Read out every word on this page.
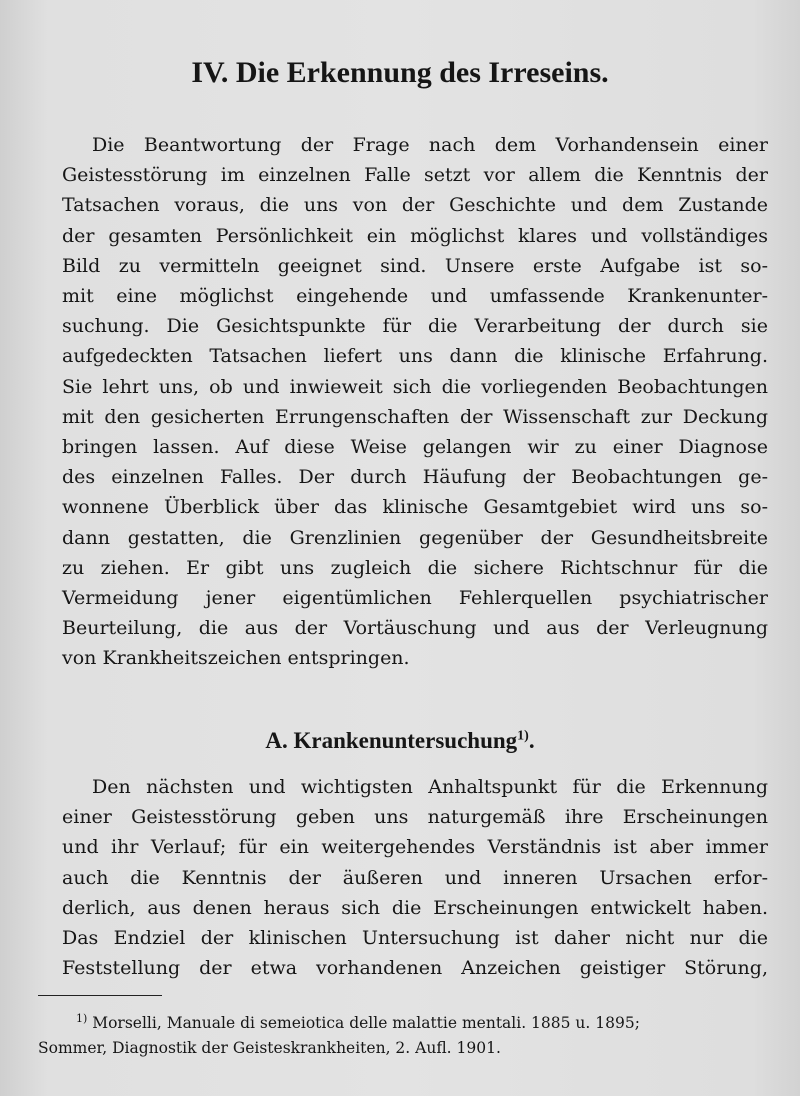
IV. Die Erkennung des Irreseins.
Die Beantwortung der Frage nach dem Vorhandensein einer
Geistesstörung im einzelnen Falle setzt vor allem die Kenntnis der
Tatsachen voraus, die uns von der Geschichte und dem Zustande
der gesamten Persönlichkeit ein möglichst klares und vollständiges
Bild zu vermitteln geeignet sind. Unsere erste Aufgabe ist so-
mit eine möglichst eingehende und umfassende Krankenunter-
suchung. Die Gesichtspunkte für die Verarbeitung der durch sie
aufgedeckten Tatsachen liefert uns dann die klinische Erfahrung.
Sie lehrt uns, ob und inwieweit sich die vorliegenden Beobachtungen
mit den gesicherten Errungenschaften der Wissenschaft zur Deckung
bringen lassen. Auf diese Weise gelangen wir zu einer Diagnose
des einzelnen Falles. Der durch Häufung der Beobachtungen ge-
wonnene Überblick über das klinische Gesamtgebiet wird uns so-
dann gestatten, die Grenzlinien gegenüber der Gesundheitsbreite
zu ziehen. Er gibt uns zugleich die sichere Richtschnur für die
Vermeidung jener eigentümlichen Fehlerquellen psychiatrischer
Beurteilung, die aus der Vortäuschung und aus der Verleugnung
von Krankheitszeichen entspringen.
A. Krankenuntersuchung$^{1)}$.
Den nächsten und wichtigsten Anhaltspunkt für die Erkennung
einer Geistesstörung geben uns naturgemäß ihre Erscheinungen
und ihr Verlauf; für ein weitergehendes Verständnis ist aber immer
auch die Kenntnis der äußeren und inneren Ursachen erfor-
derlich, aus denen heraus sich die Erscheinungen entwickelt haben.
Das Endziel der klinischen Untersuchung ist daher nicht nur die
Feststellung der etwa vorhandenen Anzeichen geistiger Störung,
$^{1)}$ Morselli, Manuale di semeiotica delle malattie mentali. 1885 u. 1895;
Sommer, Diagnostik der Geisteskrankheiten, 2. Aufl. 1901.
